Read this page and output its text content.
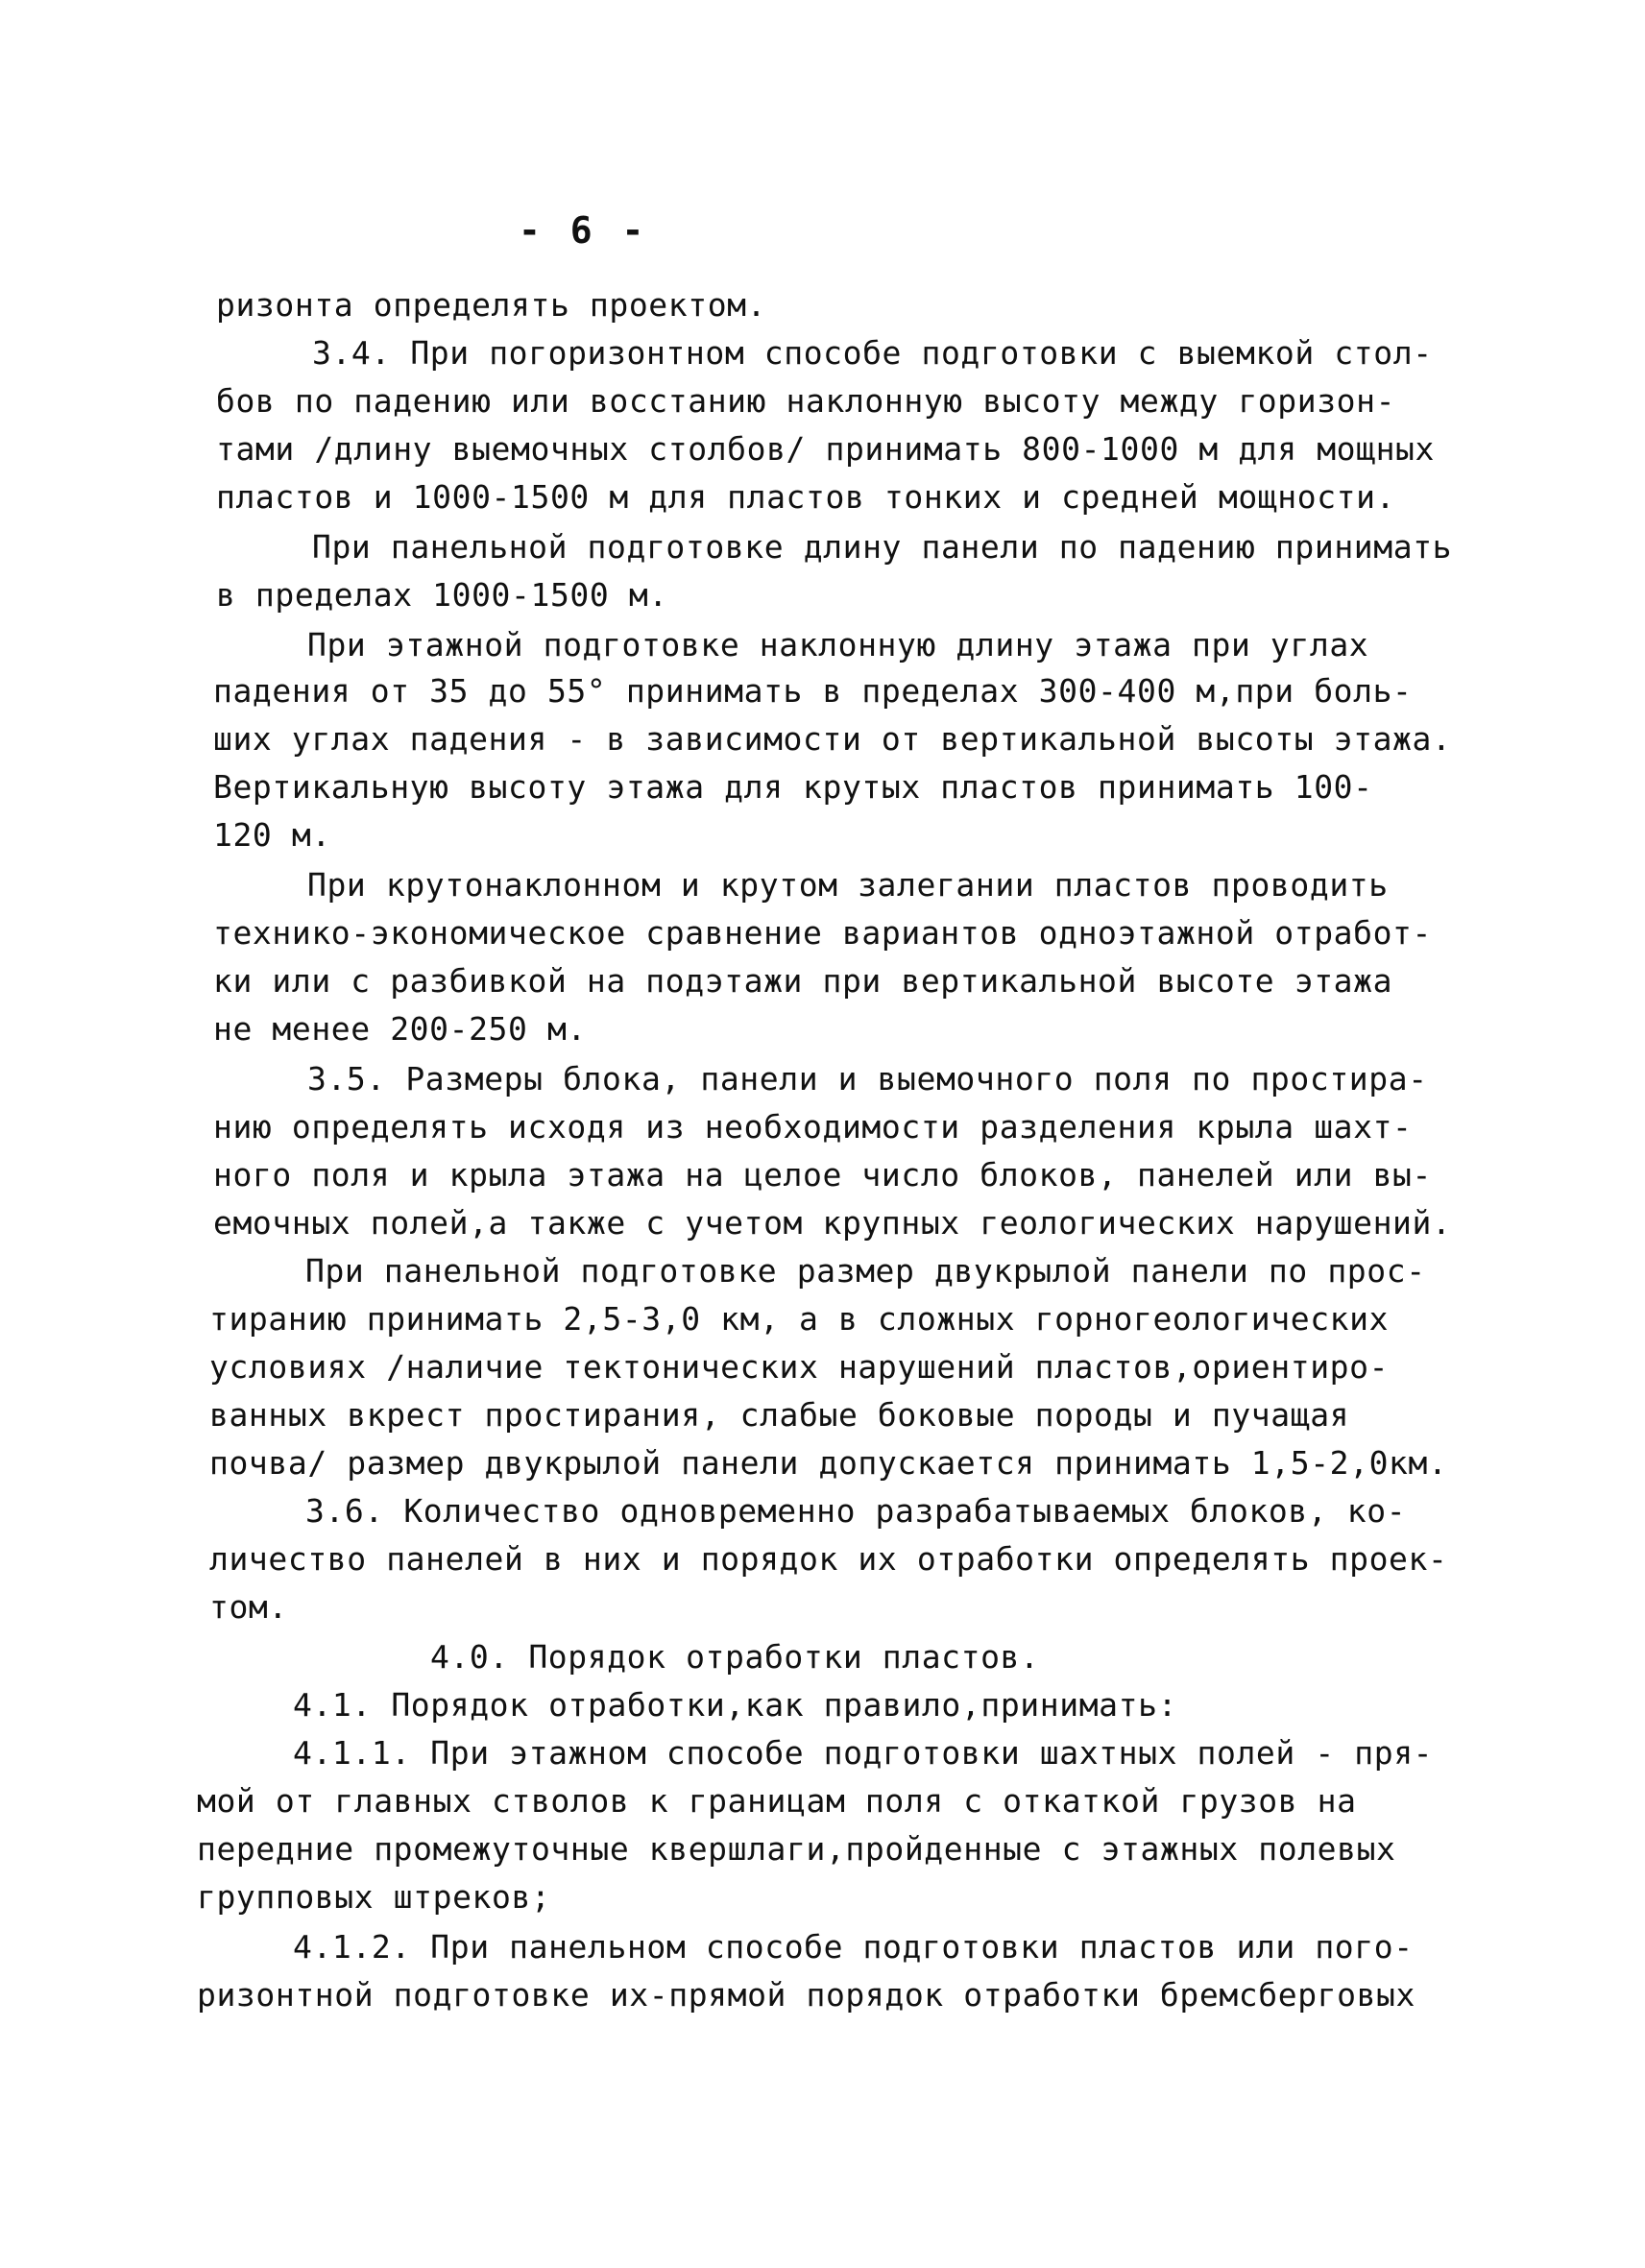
- 6 -
ризонта определять проектом.
3.4. При погоризонтном способе подготовки с выемкой стол-
бов по падению или восстанию наклонную высоту между горизон-
тами /длину выемочных столбов/ принимать 800-1000 м для мощных
пластов и 1000-1500 м для пластов тонких и средней мощности.
При панельной подготовке длину панели по падению принимать
в пределах 1000-1500 м.
При этажной подготовке наклонную длину этажа при углах
падения от 35 до 55° принимать в пределах 300-400 м,при боль-
ших углах падения - в зависимости от вертикальной высоты этажа.
Вертикальную высоту этажа для крутых пластов принимать 100-
120 м.
При крутонаклонном и крутом залегании пластов проводить
технико-экономическое сравнение вариантов одноэтажной отработ-
ки или с разбивкой на подэтажи при вертикальной высоте этажа
не менее 200-250 м.
3.5. Размеры блока, панели и выемочного поля по простира-
нию определять исходя из необходимости разделения крыла шахт-
ного поля и крыла этажа на целое число блоков, панелей или вы-
емочных полей,а также с учетом крупных геологических нарушений.
При панельной подготовке размер двукрылой панели по прос-
тиранию принимать 2,5-3,0 км, а в сложных горногеологических
условиях /наличие тектонических нарушений пластов,ориентиро-
ванных вкрест простирания, слабые боковые породы и пучащая
почва/ размер двукрылой панели допускается принимать 1,5-2,0км.
3.6. Количество одновременно разрабатываемых блоков, ко-
личество панелей в них и порядок их отработки определять проек-
том.
4.0. Порядок отработки пластов.
4.1. Порядок отработки,как правило,принимать:
4.1.1. При этажном способе подготовки шахтных полей - пря-
мой от главных стволов к границам поля с откаткой грузов на
передние промежуточные квершлаги,пройденные с этажных полевых
групповых штреков;
4.1.2. При панельном способе подготовки пластов или пого-
ризонтной подготовке их-прямой порядок отработки бремсберговых
